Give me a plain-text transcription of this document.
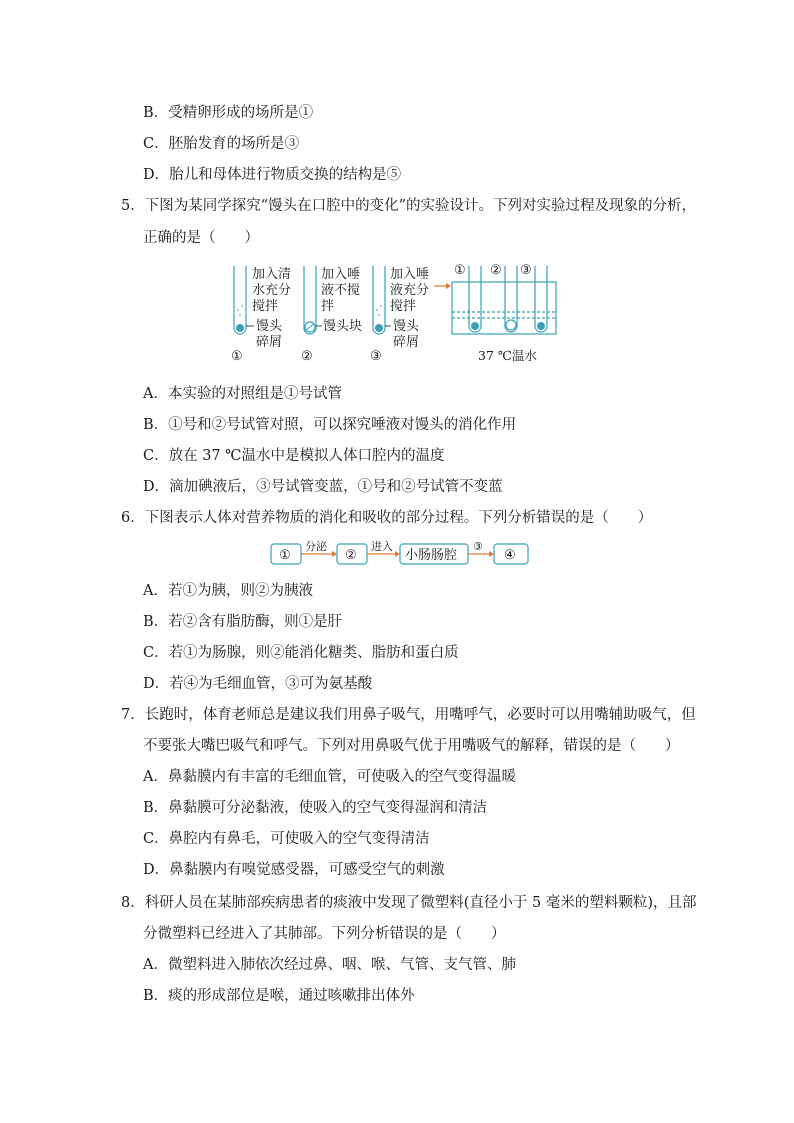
B．受精卵形成的场所是①
C．胚胎发育的场所是③
D．胎儿和母体进行物质交换的结构是⑤
5．下图为某同学探究“馒头在口腔中的变化”的实验设计。下列对实验过程及现象的分析，
正确的是（　　）
加入清
水充分
搅拌
馒头
碎屑
①
加入唾
液不搅
拌
馒头块
②
加入唾
液充分
搅拌
馒头
碎屑
③
① ② ③
37 ℃温水
A．本实验的对照组是①号试管
B．①号和②号试管对照，可以探究唾液对馒头的消化作用
C．放在 37 ℃温水中是模拟人体口腔内的温度
D．滴加碘液后，③号试管变蓝，①号和②号试管不变蓝
6．下图表示人体对营养物质的消化和吸收的部分过程。下列分析错误的是（　　）
①	②	小肠肠腔	④
分泌	进入	③
A．若①为胰，则②为胰液
B．若②含有脂肪酶，则①是肝
C．若①为肠腺，则②能消化糖类、脂肪和蛋白质
D．若④为毛细血管，③可为氨基酸
7．长跑时，体育老师总是建议我们用鼻子吸气，用嘴呼气，必要时可以用嘴辅助吸气，但
不要张大嘴巴吸气和呼气。下列对用鼻吸气优于用嘴吸气的解释，错误的是（　　）
A．鼻黏膜内有丰富的毛细血管，可使吸入的空气变得温暖
B．鼻黏膜可分泌黏液，使吸入的空气变得湿润和清洁
C．鼻腔内有鼻毛，可使吸入的空气变得清洁
D．鼻黏膜内有嗅觉感受器，可感受空气的刺激
8．科研人员在某肺部疾病患者的痰液中发现了微塑料(直径小于 5 毫米的塑料颗粒)，且部
分微塑料已经进入了其肺部。下列分析错误的是（　　）
A．微塑料进入肺依次经过鼻、咽、喉、气管、支气管、肺
B．痰的形成部位是喉，通过咳嗽排出体外
